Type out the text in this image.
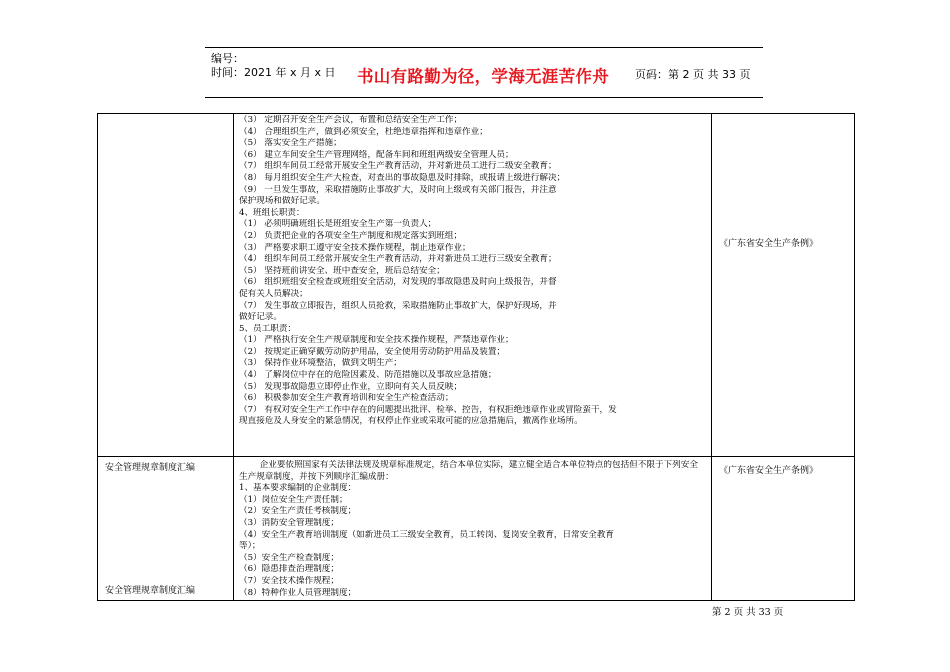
编号：
时间：2021 年 x 月 x 日 书山有路勤为径，学海无涯苦作舟 页码：第 2 页 共 33 页
（3） 定期召开安全生产会议，布置和总结安全生产工作；
（4） 合理组织生产，做到必须安全，杜绝违章指挥和违章作业；
（5） 落实安全生产措施；
（6） 建立车间安全生产管理网络，配备车间和班组两级安全管理人员；
（7） 组织车间员工经常开展安全生产教育活动，并对新进员工进行二级安全教育；
（8） 每月组织安全生产大检查，对查出的事故隐患及时排除，或报请上级进行解决；
（9） 一旦发生事故，采取措施防止事故扩大，及时向上级或有关部门报告，并注意
保护现场和做好记录。
4、班组长职责：
（1） 必须明确班组长是班组安全生产第一负责人；
（2） 负责把企业的各项安全生产制度和规定落实到班组；
（3） 严格要求职工遵守安全技术操作规程，制止违章作业；
（4） 组织车间员工经常开展安全生产教育活动，并对新进员工进行三级安全教育；
（5） 坚持班前讲安全、班中查安全，班后总结安全；
（6） 组织班组安全检查或班组安全活动，对发现的事故隐患及时向上级报告，并督
促有关人员解决；
（7） 发生事故立即报告，组织人员抢救，采取措施防止事故扩大，保护好现场，并
做好记录。
5、员工职责：
（1） 严格执行安全生产规章制度和安全技术操作规程，严禁违章作业；
（2） 按规定正确穿戴劳动防护用品，安全使用劳动防护用品及装置；
（3） 保持作业环境整洁，做到文明生产；
（4） 了解岗位中存在的危险因素及、防范措施以及事故应急措施；
（5） 发现事故隐患立即停止作业，立即向有关人员反映；
（6） 积极参加安全生产教育培训和安全生产检查活动；
（7） 有权对安全生产工作中存在的问题提出批评、检举、控告，有权拒绝违章作业或冒险蛮干，发
现直接危及人身安全的紧急情况，有权停止作业或采取可能的应急措施后，撤离作业场所。
《广东省安全生产条例》
安全管理规章制度汇编
安全管理规章制度汇编
企业要依照国家有关法律法规及规章标准规定，结合本单位实际，建立健全适合本单位特点的包括但不限于下列安全生产规章制度，并按下列顺序汇编成册：
1、基本要求编制的企业制度：
（1）岗位安全生产责任制；
（2）安全生产责任考核制度；
（3）消防安全管理制度；
（4）安全生产教育培训制度（如新进员工三级安全教育，员工转岗、复岗安全教育，日常安全教育
等）；
（5）安全生产检查制度；
（6）隐患排查治理制度；
（7）安全技术操作规程；
（8）特种作业人员管理制度；
《广东省安全生产条例》
第 2 页 共 33 页
